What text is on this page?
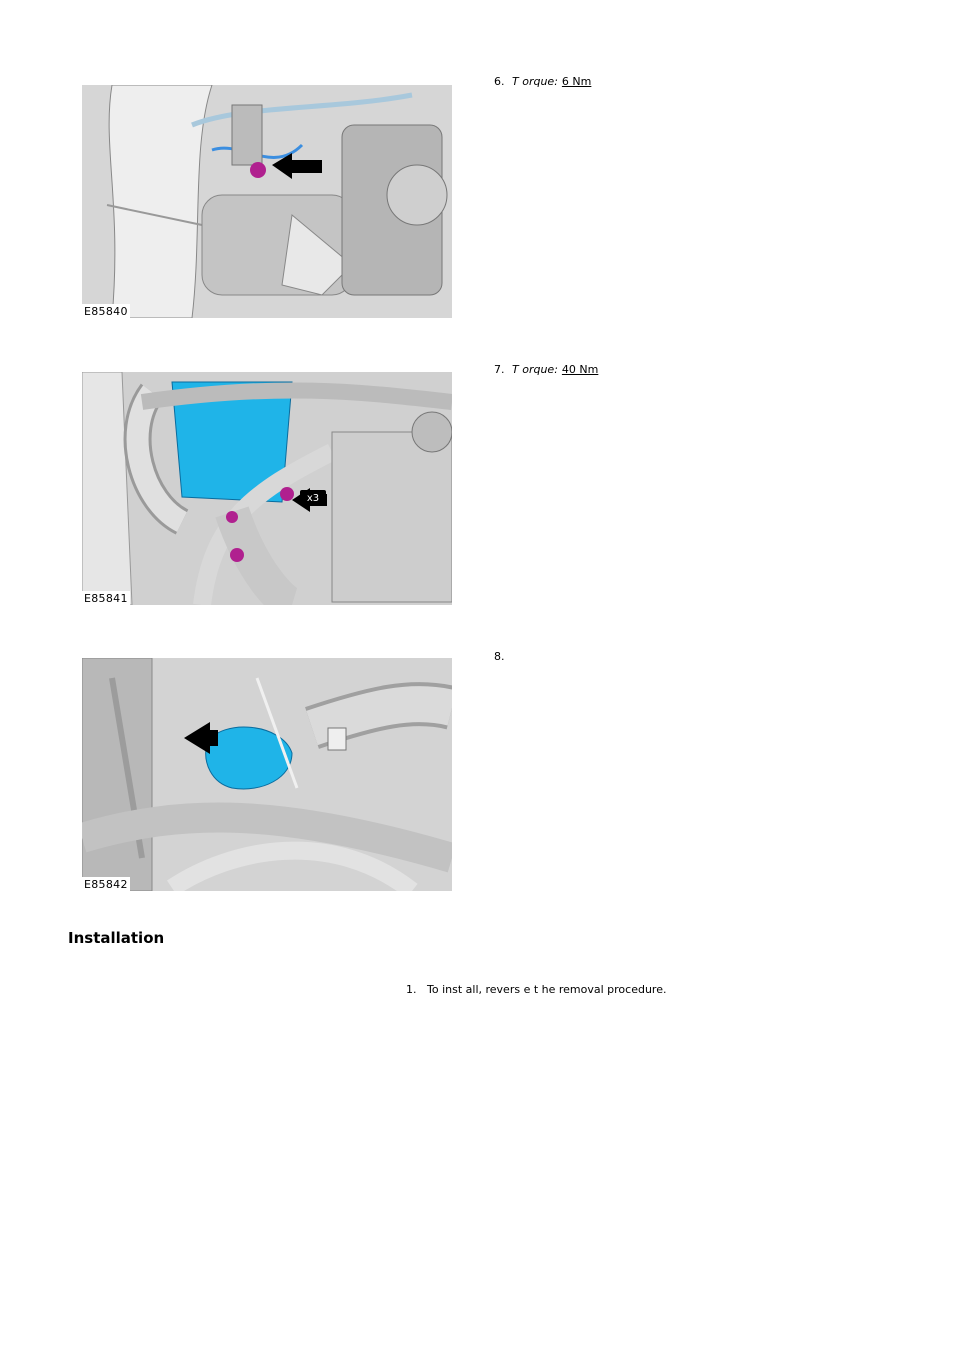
E85840
6. T orque: 6 Nm
x3
E85841
7. T orque: 40 Nm
E85842
8.
Installation
1. To inst all, revers e t he removal procedure.
